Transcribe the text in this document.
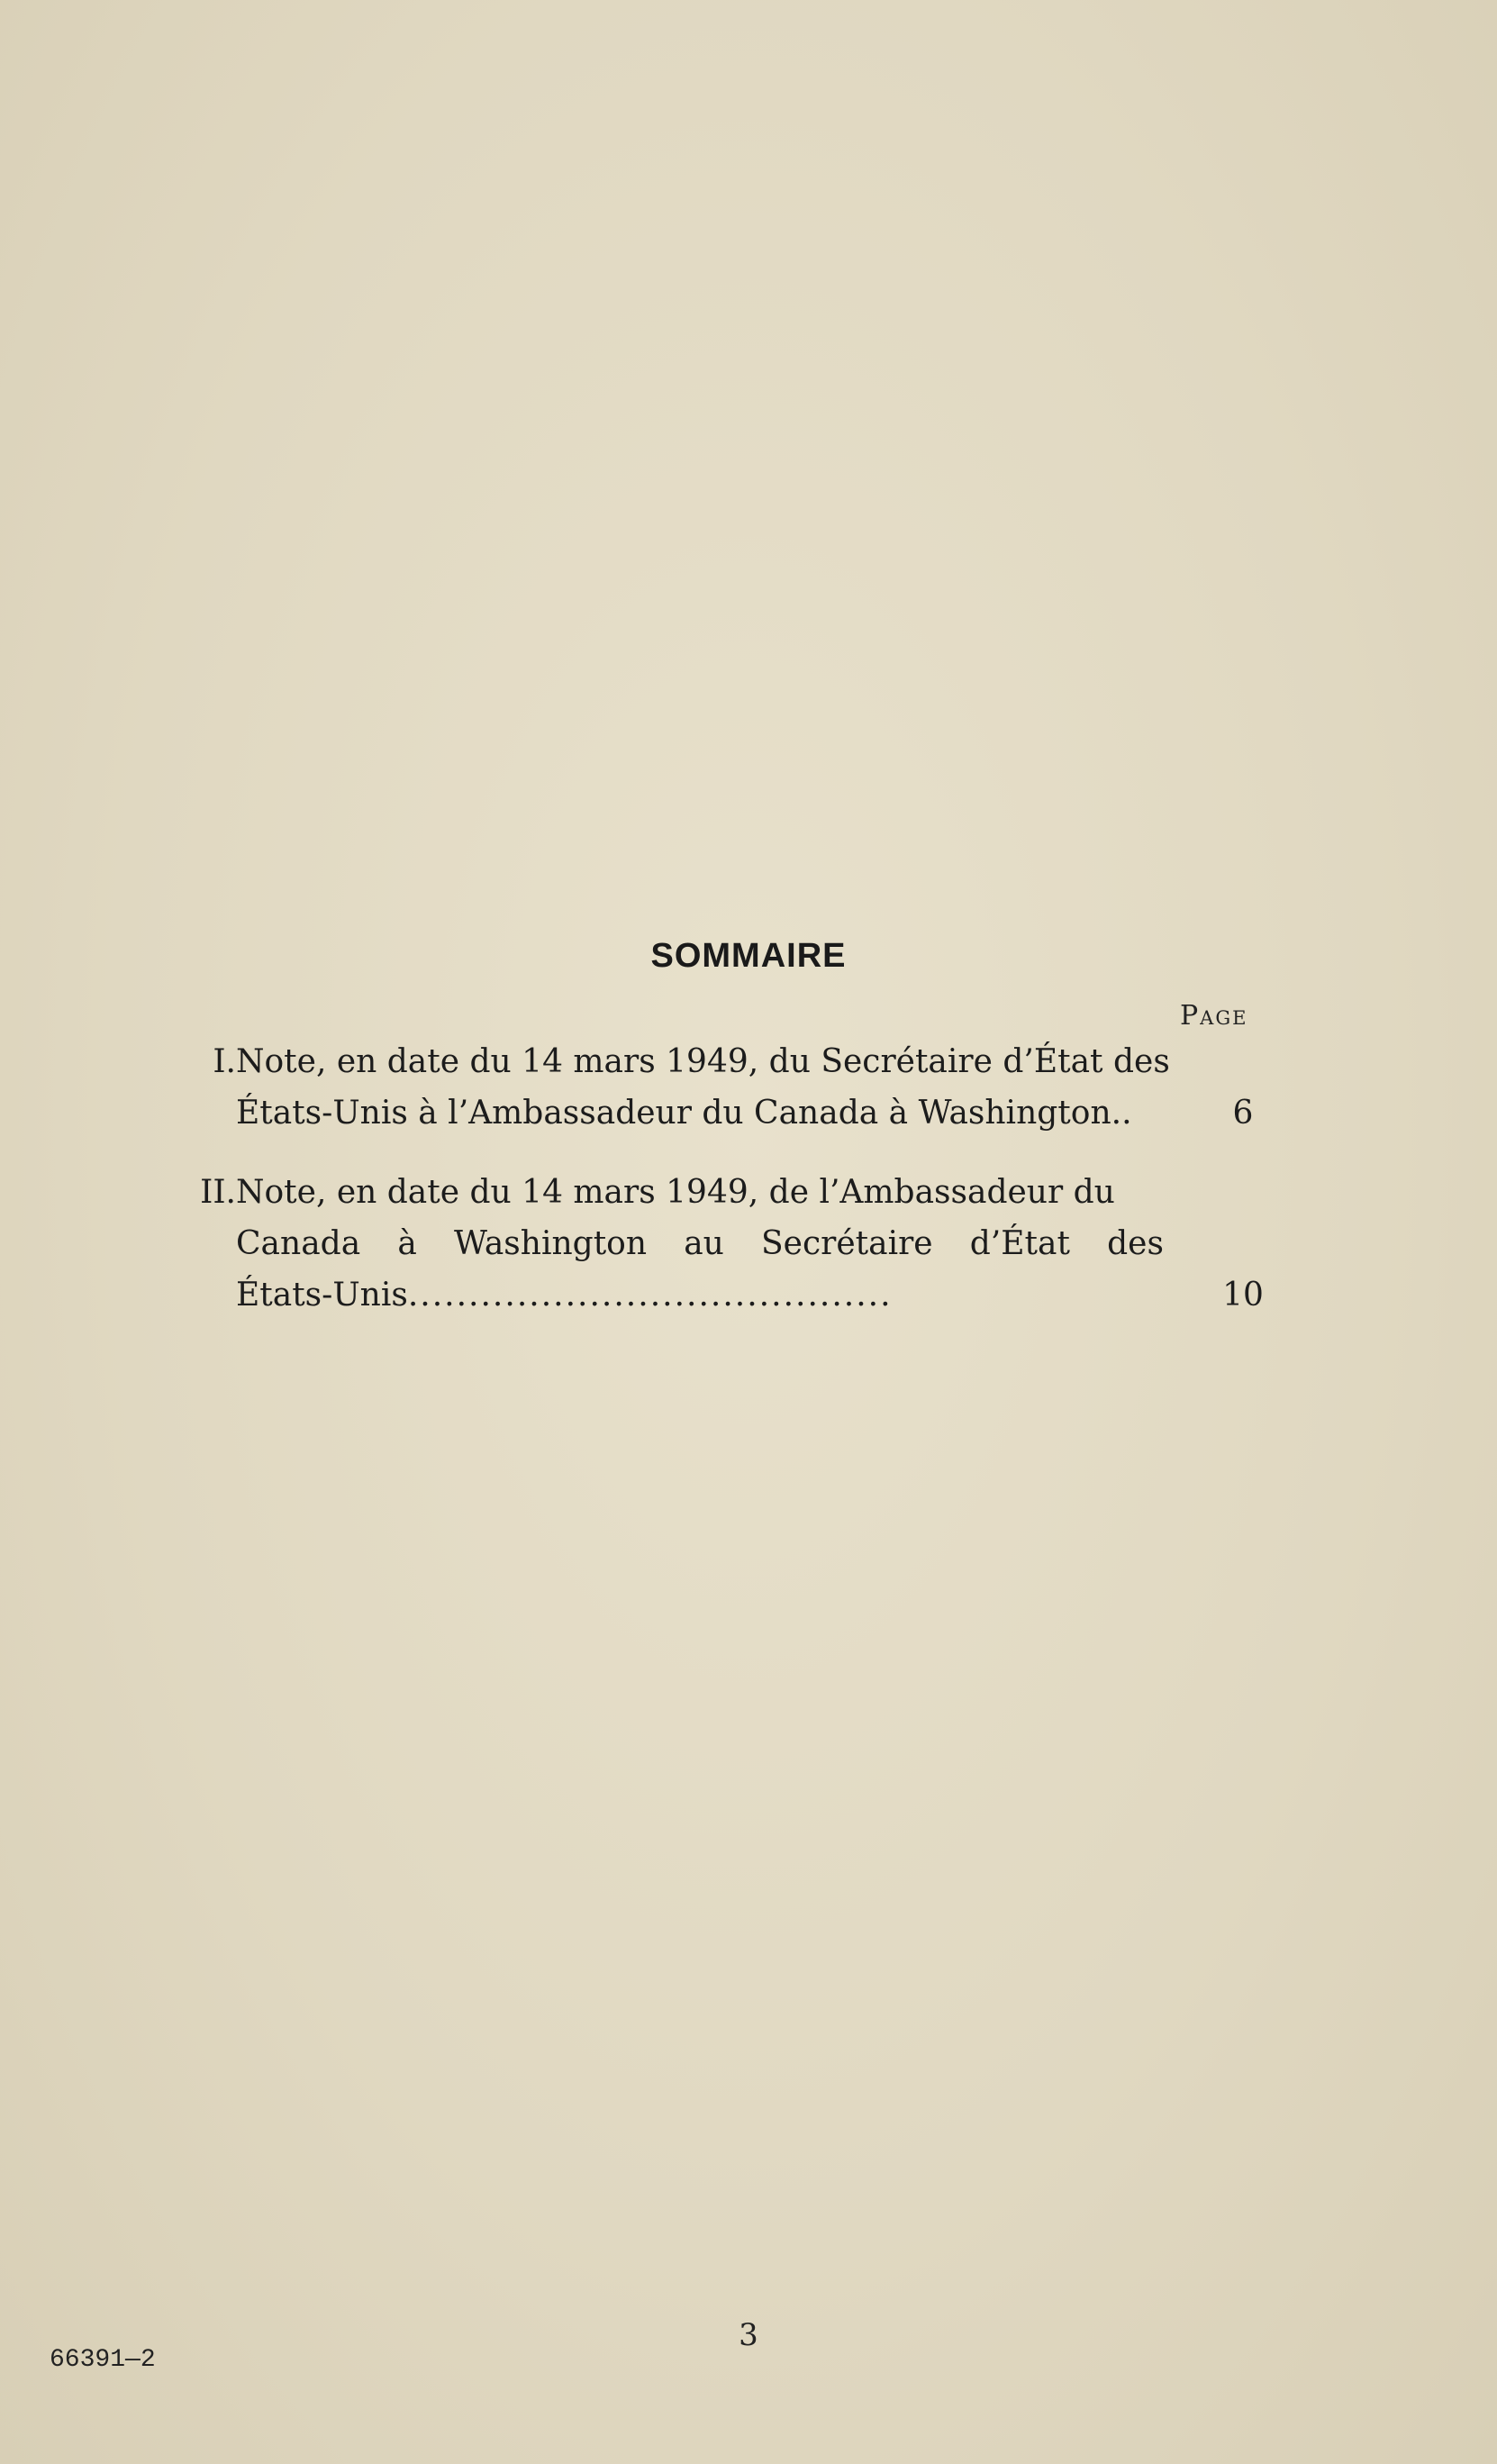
SOMMAIRE
Page
I. Note, en date du 14 mars 1949, du Secrétaire d’État des
États-Unis à l’Ambassadeur du Canada à Washington..	6
II. Note, en date du 14 mars 1949, de l’Ambassadeur du
Canada à Washington au Secrétaire d’État des
États-Unis........................................	10
66391—2
3
